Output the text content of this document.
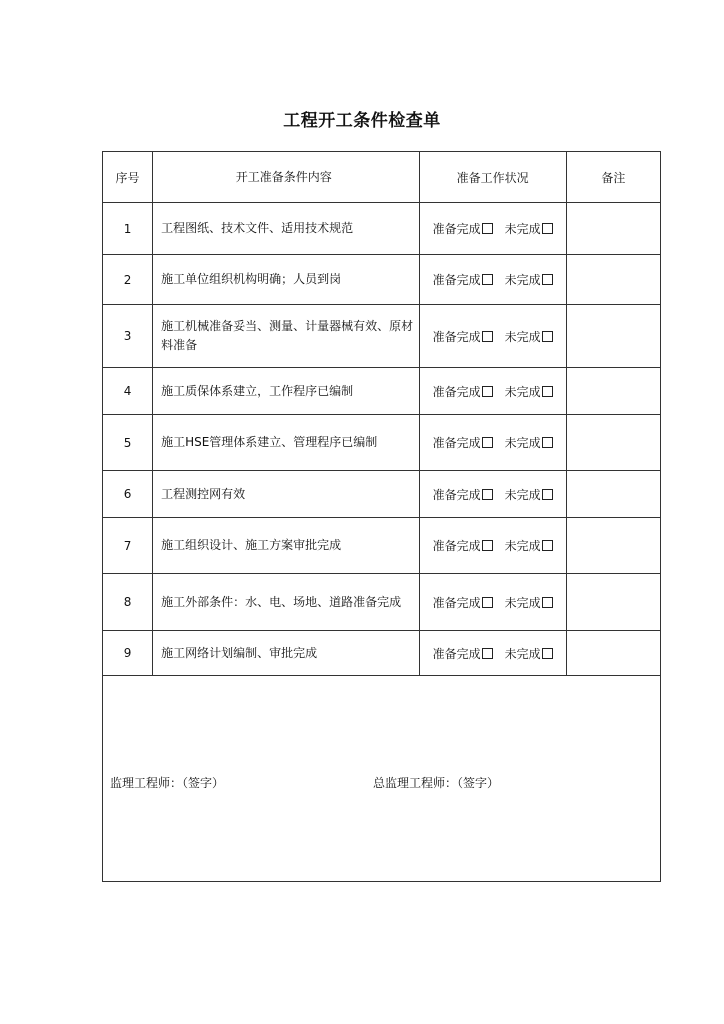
工程开工条件检查单
序号	开工准备条件内容	准备工作状况	备注
1	工程图纸、技术文件、适用技术规范	准备完成 未完成	
2	施工单位组织机构明确；人员到岗	准备完成 未完成	
3	施工机械准备妥当、测量、计量器械有效、原材料准备	准备完成 未完成	
4	施工质保体系建立，工作程序已编制	准备完成 未完成	
5	施工HSE管理体系建立、管理程序已编制	准备完成 未完成	
6	工程测控网有效	准备完成 未完成	
7	施工组织设计、施工方案审批完成	准备完成 未完成	
8	施工外部条件：水、电、场地、道路准备完成	准备完成 未完成	
9	施工网络计划编制、审批完成	准备完成 未完成	

监理工程师：（签字） 总监理工程师：（签字）			
